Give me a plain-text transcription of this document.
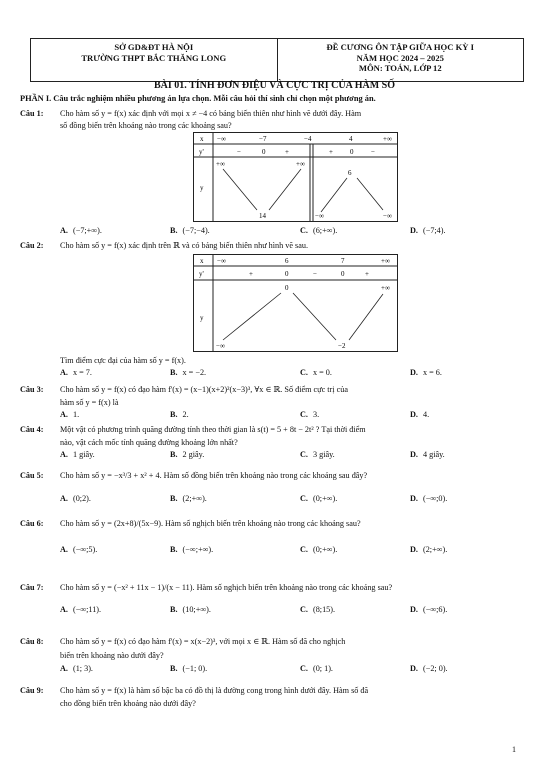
SỞ GD&ĐT HÀ NỘI
TRƯỜNG THPT BẮC THĂNG LONG
ĐỀ CƯƠNG ÔN TẬP GIỮA HỌC KỲ I
NĂM HỌC 2024 – 2025
MÔN: TOÁN, LỚP 12
BÀI 01. TÍNH ĐƠN ĐIỆU VÀ CỰC TRỊ CỦA HÀM SỐ
PHẦN I. Câu trắc nghiệm nhiều phương án lựa chọn. Mỗi câu hỏi thí sinh chỉ chọn một phương án.
Câu 1: Cho hàm số y = f(x) xác định với mọi x ≠ −4 có bảng biến thiên như hình vẽ dưới đây. Hàm
số đồng biến trên khoảng nào trong các khoảng sau?
x −∞	−7	−4	4	+∞
y'	−	0	+	+ 0	−
y
+∞	+∞
6
14	−∞	−∞
A. (−7;+∞).	B. (−7;−4).	C. (6;+∞).	D. (−7;4).
Câu 2: Cho hàm số y = f(x) xác định trên ℝ và có bảng biến thiên như hình vẽ sau.
x −∞	6	7	+∞
y'	+	0	−	0	+
y
0	+∞
−∞	−2
Tìm điểm cực đại của hàm số y = f(x).
A. x = 7.	B. x = −2.	C. x = 0.	D. x = 6.
Câu 3: Cho hàm số y = f(x) có đạo hàm f'(x) = (x−1)(x+2)²(x−3)³, ∀x ∈ ℝ. Số điểm cực trị của
hàm số y = f(x) là
A. 1.	B. 2.	C. 3.	D. 4.
Câu 4: Một vật có phương trình quãng đường tính theo thời gian là s(t) = 5 + 8t − 2t² ? Tại thời điểm
nào, vật cách mốc tính quãng đường khoảng lớn nhất?
A. 1 giây.	B. 2 giây.	C. 3 giây.	D. 4 giây.
Câu 5: Cho hàm số y = −x³/3 + x² + 4. Hàm số đồng biến trên khoảng nào trong các khoảng sau đây?
A. (0;2).	B. (2;+∞).	C. (0;+∞).	D. (−∞;0).
Câu 6: Cho hàm số y = (2x+8)/(5x−9). Hàm số nghịch biến trên khoảng nào trong các khoảng sau?
A. (−∞;5).	B. (−∞;+∞).	C. (0;+∞).	D. (2;+∞).
Câu 7: Cho hàm số y = (−x² + 11x − 1)/(x − 11). Hàm số nghịch biến trên khoảng nào trong các khoảng sau?
A. (−∞;11).	B. (10;+∞).	C. (8;15).	D. (−∞;6).
Câu 8: Cho hàm số y = f(x) có đạo hàm f'(x) = x(x−2)³, với mọi x ∈ ℝ. Hàm số đã cho nghịch
biến trên khoảng nào dưới đây?
A. (1; 3).	B. (−1; 0).	C. (0; 1).	D. (−2; 0).
Câu 9: Cho hàm số y = f(x) là hàm số bậc ba có đồ thị là đường cong trong hình dưới đây. Hàm số đã
cho đồng biến trên khoảng nào dưới đây?
1
